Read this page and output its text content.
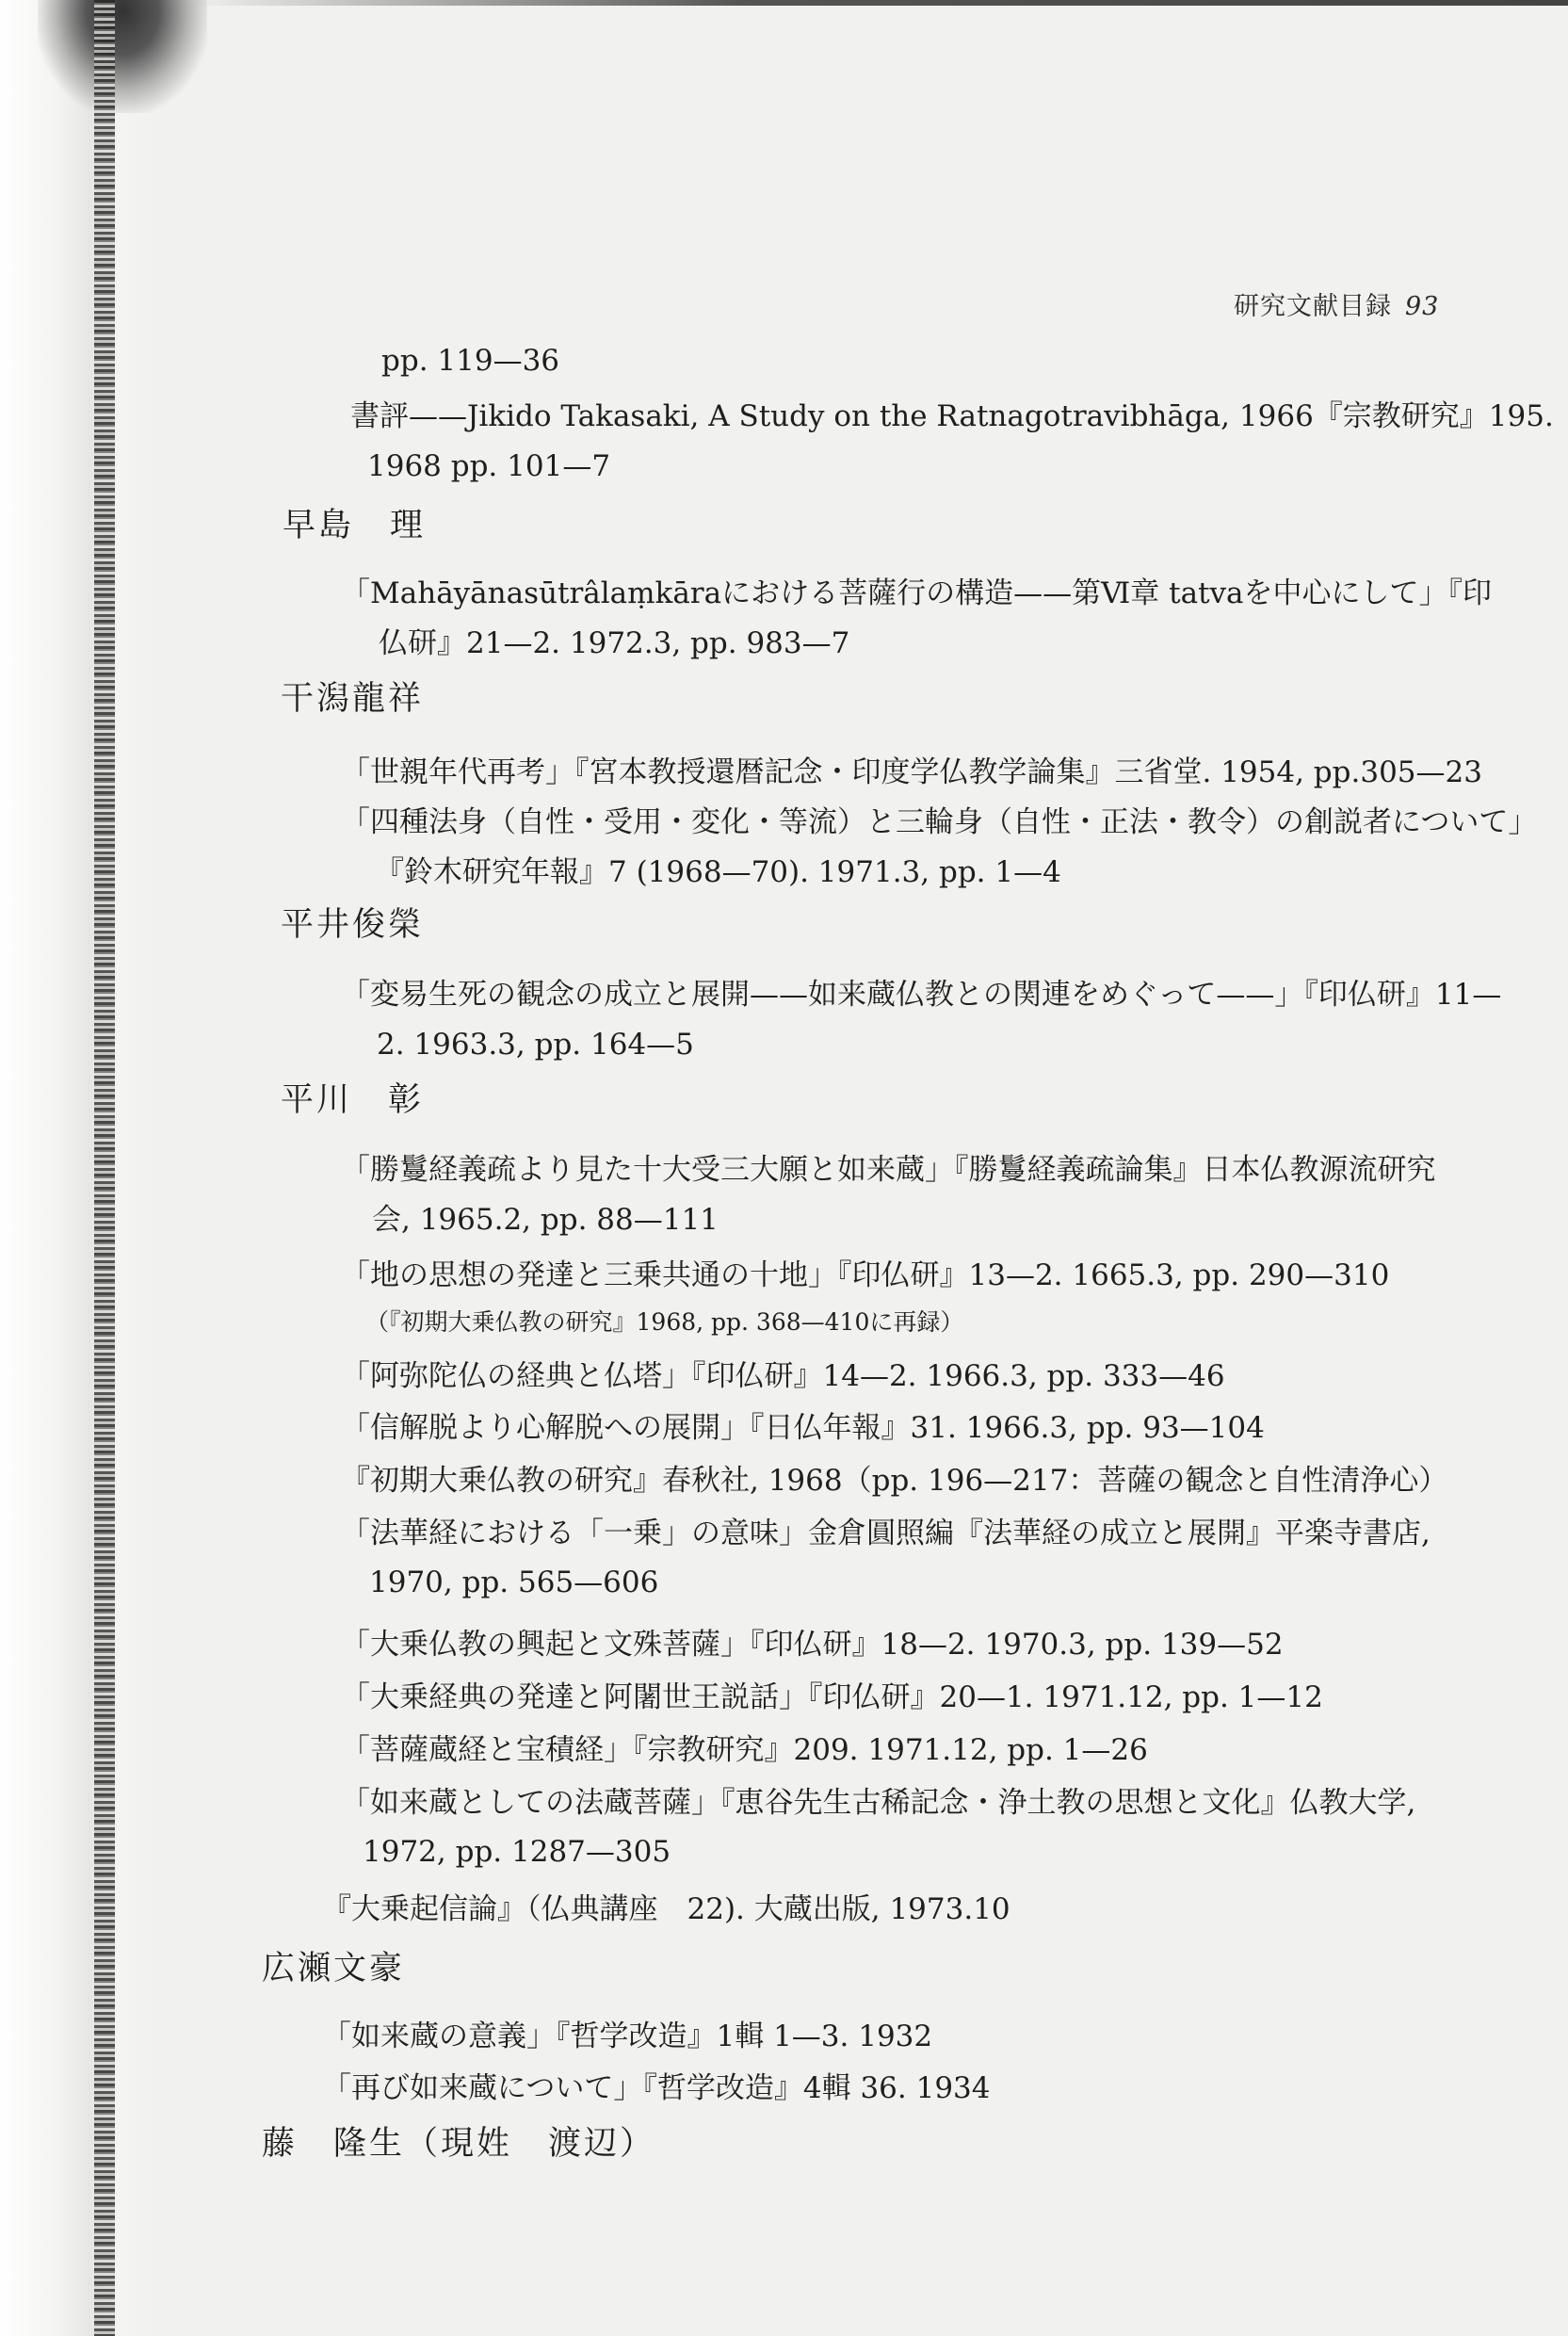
研究文献目録 93
pp. 119—36
書評——Jikido Takasaki, A Study on the Ratnagotravibhāga, 1966『宗教研究』195.
1968 pp. 101—7
早島　理
「Mahāyānasūtrâlaṃkāraにおける菩薩行の構造——第Ⅵ章 tatvaを中心にして」『印
仏研』21—2. 1972.3, pp. 983—7
干潟龍祥
「世親年代再考」『宮本教授還暦記念・印度学仏教学論集』三省堂. 1954, pp.305—23
「四種法身（自性・受用・変化・等流）と三輪身（自性・正法・教令）の創説者について」
『鈴木研究年報』7 (1968—70). 1971.3, pp. 1—4
平井俊榮
「変易生死の観念の成立と展開——如来蔵仏教との関連をめぐって——」『印仏研』11—
2. 1963.3, pp. 164—5
平川　彰
「勝鬘経義疏より見た十大受三大願と如来蔵」『勝鬘経義疏論集』日本仏教源流研究
会, 1965.2, pp. 88—111
「地の思想の発達と三乗共通の十地」『印仏研』13—2. 1665.3, pp. 290—310
（『初期大乗仏教の研究』1968, pp. 368—410に再録）
「阿弥陀仏の経典と仏塔」『印仏研』14—2. 1966.3, pp. 333—46
「信解脱より心解脱への展開」『日仏年報』31. 1966.3, pp. 93—104
『初期大乗仏教の研究』春秋社, 1968（pp. 196—217：菩薩の観念と自性清浄心）
「法華経における「一乗」の意味」金倉圓照編『法華経の成立と展開』平楽寺書店,
1970, pp. 565—606
「大乗仏教の興起と文殊菩薩」『印仏研』18—2. 1970.3, pp. 139—52
「大乗経典の発達と阿闍世王説話」『印仏研』20—1. 1971.12, pp. 1—12
「菩薩蔵経と宝積経」『宗教研究』209. 1971.12, pp. 1—26
「如来蔵としての法蔵菩薩」『恵谷先生古稀記念・浄土教の思想と文化』仏教大学,
1972, pp. 1287—305
『大乗起信論』（仏典講座　22). 大蔵出版, 1973.10
広瀬文豪
「如来蔵の意義」『哲学改造』1輯 1—3. 1932
「再び如来蔵について」『哲学改造』4輯 36. 1934
藤　隆生（現姓　渡辺）
